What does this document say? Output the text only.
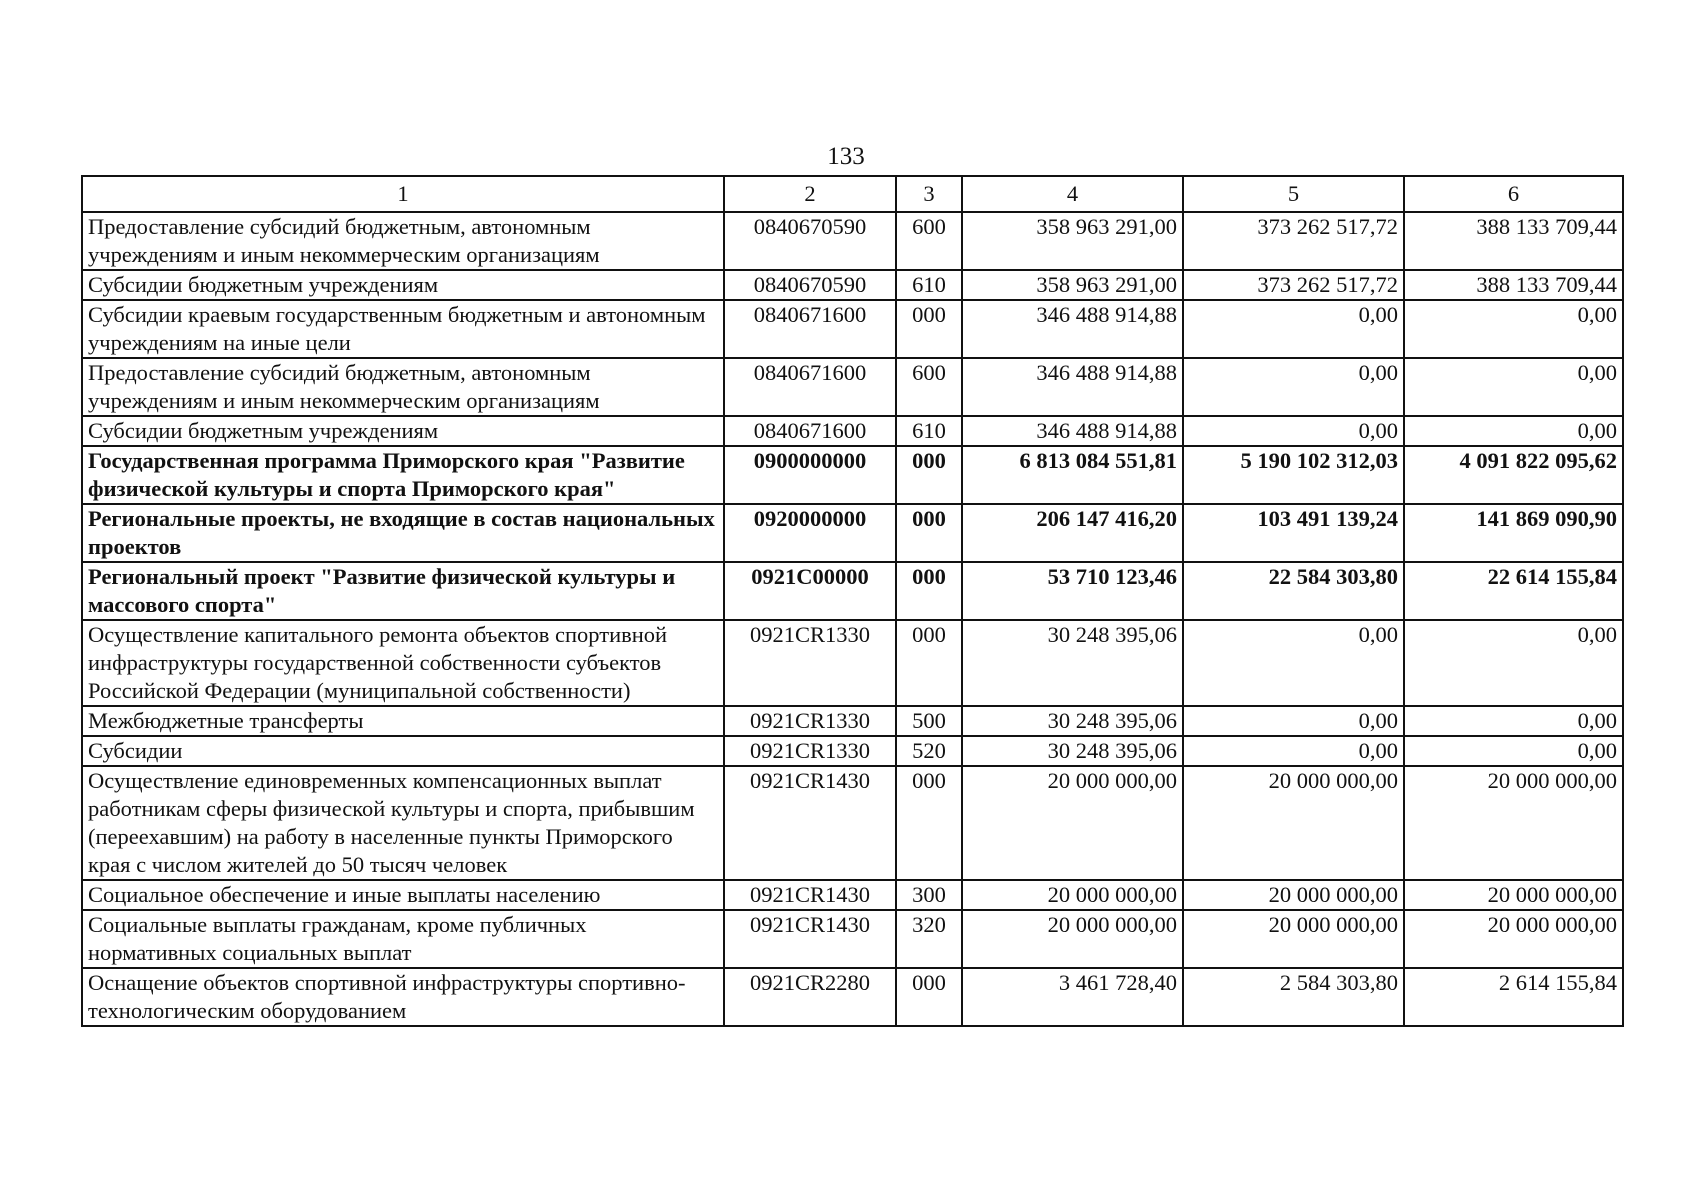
133
1	2	3	4	5	6
Предоставление субсидий бюджетным, автономным учреждениям и иным некоммерческим организациям	0840670590	600	358 963 291,00	373 262 517,72	388 133 709,44
Субсидии бюджетным учреждениям	0840670590	610	358 963 291,00	373 262 517,72	388 133 709,44
Субсидии краевым государственным бюджетным и автономным учреждениям на иные цели	0840671600	000	346 488 914,88	0,00	0,00
Предоставление субсидий бюджетным, автономным учреждениям и иным некоммерческим организациям	0840671600	600	346 488 914,88	0,00	0,00
Субсидии бюджетным учреждениям	0840671600	610	346 488 914,88	0,00	0,00
Государственная программа Приморского края "Развитие физической культуры и спорта Приморского края"	0900000000	000	6 813 084 551,81	5 190 102 312,03	4 091 822 095,62
Региональные проекты, не входящие в состав национальных проектов	0920000000	000	206 147 416,20	103 491 139,24	141 869 090,90
Региональный проект "Развитие физической культуры и массового спорта"	0921C00000	000	53 710 123,46	22 584 303,80	22 614 155,84
Осуществление капитального ремонта объектов спортивной инфраструктуры государственной собственности субъектов Российской Федерации (муниципальной собственности)	0921CR1330	000	30 248 395,06	0,00	0,00
Межбюджетные трансферты	0921CR1330	500	30 248 395,06	0,00	0,00
Субсидии	0921CR1330	520	30 248 395,06	0,00	0,00
Осуществление единовременных компенсационных выплат работникам сферы физической культуры и спорта, прибывшим (переехавшим) на работу в населенные пункты Приморского края с числом жителей до 50 тысяч человек	0921CR1430	000	20 000 000,00	20 000 000,00	20 000 000,00
Социальное обеспечение и иные выплаты населению	0921CR1430	300	20 000 000,00	20 000 000,00	20 000 000,00
Социальные выплаты гражданам, кроме публичных нормативных социальных выплат	0921CR1430	320	20 000 000,00	20 000 000,00	20 000 000,00
Оснащение объектов спортивной инфраструктуры спортивно-технологическим оборудованием	0921CR2280	000	3 461 728,40	2 584 303,80	2 614 155,84
